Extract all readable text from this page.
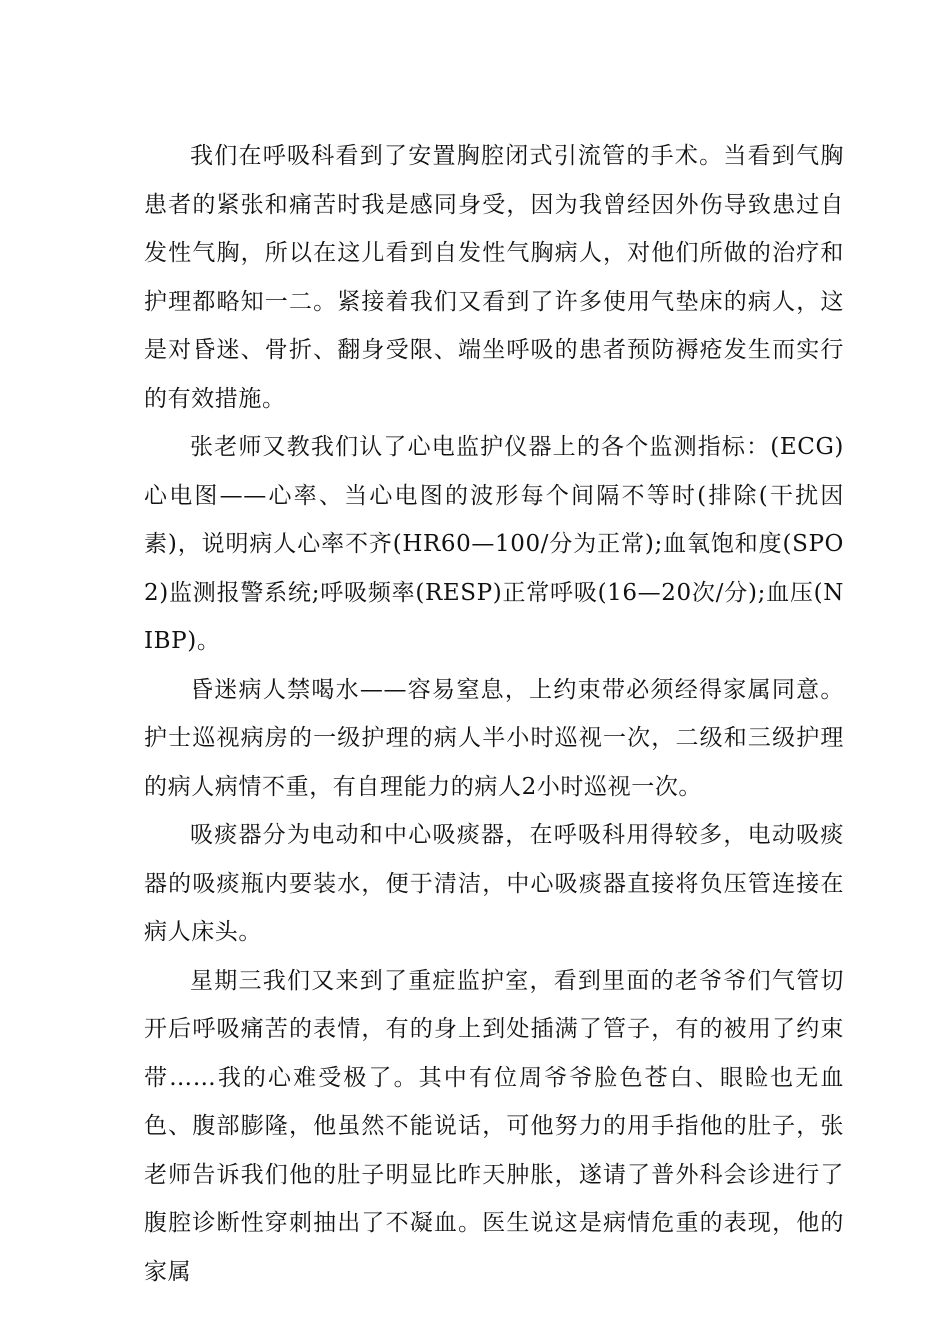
我们在呼吸科看到了安置胸腔闭式引流管的手术。当看到气胸患者的紧张和痛苦时我是感同身受，因为我曾经因外伤导致患过自发性气胸，所以在这儿看到自发性气胸病人，对他们所做的治疗和护理都略知一二。紧接着我们又看到了许多使用气垫床的病人，这是对昏迷、骨折、翻身受限、端坐呼吸的患者预防褥疮发生而实行的有效措施。

张老师又教我们认了心电监护仪器上的各个监测指标：(ECG)心电图——心率、当心电图的波形每个间隔不等时(排除(干扰因素)，说明病人心率不齐(HR60—100/分为正常);血氧饱和度(SPO2)监测报警系统;呼吸频率(RESP)正常呼吸(16—20次/分);血压(NIBP)。

昏迷病人禁喝水——容易窒息，上约束带必须经得家属同意。护士巡视病房的一级护理的病人半小时巡视一次，二级和三级护理的病人病情不重，有自理能力的病人2小时巡视一次。

吸痰器分为电动和中心吸痰器，在呼吸科用得较多，电动吸痰器的吸痰瓶内要装水，便于清洁，中心吸痰器直接将负压管连接在病人床头。

星期三我们又来到了重症监护室，看到里面的老爷爷们气管切开后呼吸痛苦的表情，有的身上到处插满了管子，有的被用了约束带……我的心难受极了。其中有位周爷爷脸色苍白、眼睑也无血色、腹部膨隆，他虽然不能说话，可他努力的用手指他的肚子，张老师告诉我们他的肚子明显比昨天肿胀，遂请了普外科会诊进行了腹腔诊断性穿刺抽出了不凝血。医生说这是病情危重的表现，他的家属
